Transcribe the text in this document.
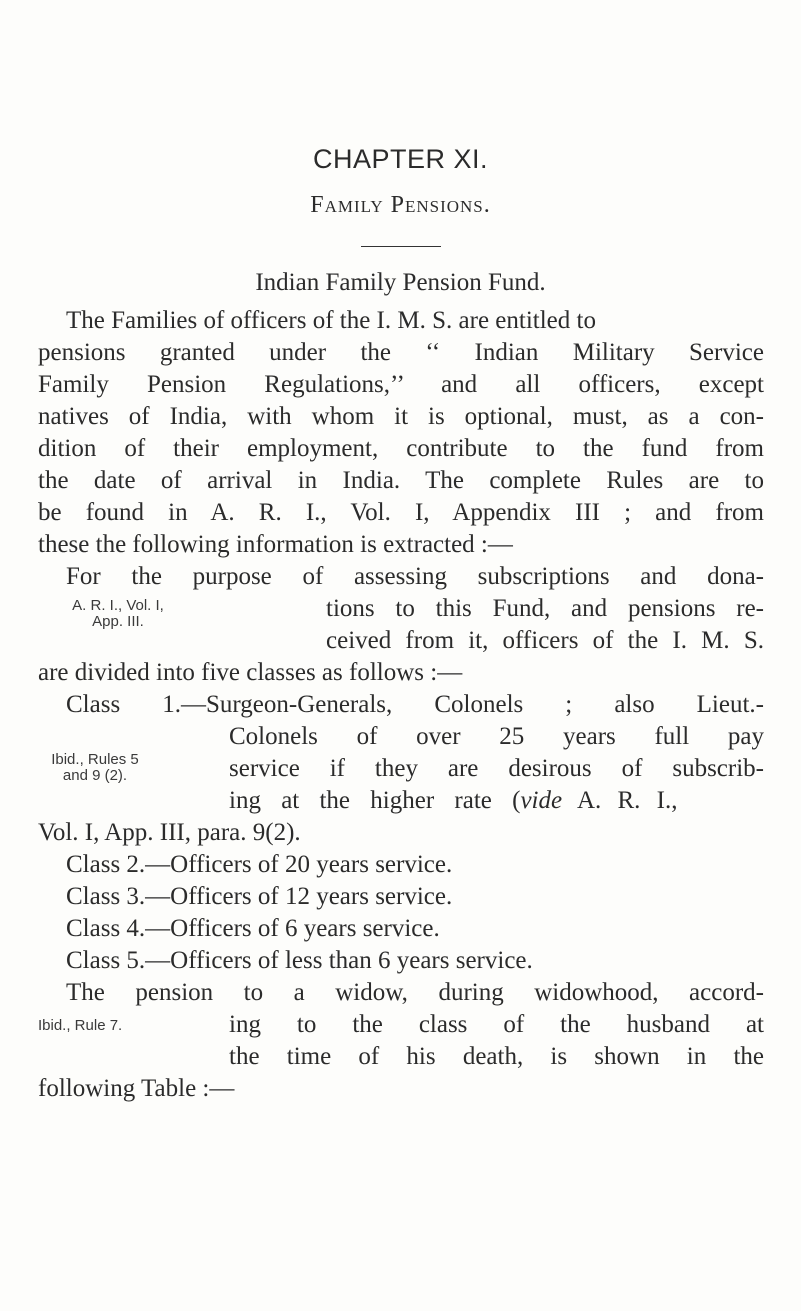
CHAPTER XI.
Family Pensions.
Indian Family Pension Fund.
The Families of officers of the I. M. S. are entitled to
pensions granted under the ‘‘ Indian Military Service
Family Pension Regulations,’’ and all officers, except
natives of India, with whom it is optional, must, as a con-
dition of their employment, contribute to the fund from
the date of arrival in India. The complete Rules are to
be found in A. R. I., Vol. I, Appendix III ; and from
these the following information is extracted :—
For the purpose of assessing subscriptions and dona-
A. R. I., Vol. I,
App. III.	tions to this Fund, and pensions re-
ceived from it, officers of the I. M. S.
are divided into five classes as follows :—
Class 1.—Surgeon-Generals, Colonels ; also Lieut.-
Colonels of over 25 years full pay
Ibid., Rules 5
and 9 (2).	service if they are desirous of subscrib-
ing at the higher rate (vide A. R. I.,
Vol. I, App. III, para. 9(2).
Class 2.—Officers of 20 years service.
Class 3.—Officers of 12 years service.
Class 4.—Officers of 6 years service.
Class 5.—Officers of less than 6 years service.
The pension to a widow, during widowhood, accord-
Ibid., Rule 7.	ing to the class of the husband at
the time of his death, is shown in the
following Table :—
